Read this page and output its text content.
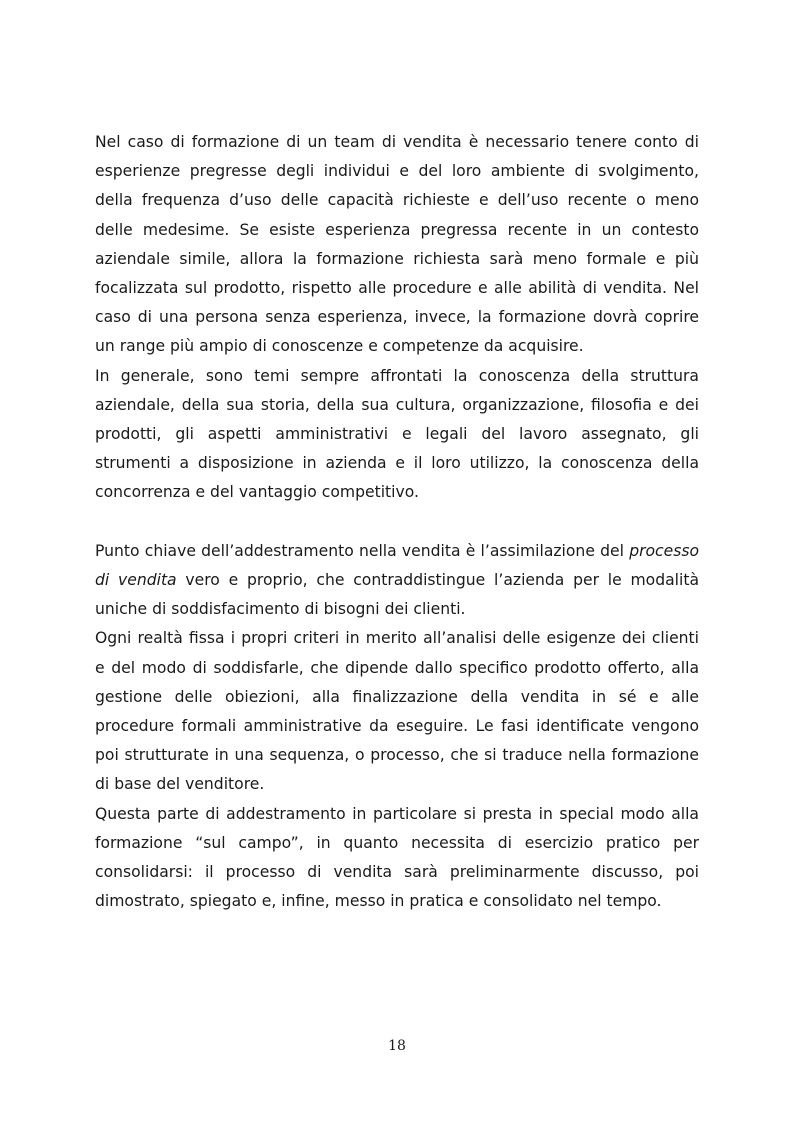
Nel caso di formazione di un team di vendita è necessario tenere conto di esperienze pregresse degli individui e del loro ambiente di svolgimento, della frequenza d’uso delle capacità richieste e dell’uso recente o meno delle medesime. Se esiste esperienza pregressa recente in un contesto aziendale simile, allora la formazione richiesta sarà meno formale e più focalizzata sul prodotto, rispetto alle procedure e alle abilità di vendita. Nel caso di una persona senza esperienza, invece, la formazione dovrà coprire un range più ampio di conoscenze e competenze da acquisire.

In generale, sono temi sempre affrontati la conoscenza della struttura aziendale, della sua storia, della sua cultura, organizzazione, filosofia e dei prodotti, gli aspetti amministrativi e legali del lavoro assegnato, gli strumenti a disposizione in azienda e il loro utilizzo, la conoscenza della concorrenza e del vantaggio competitivo.

Punto chiave dell’addestramento nella vendita è l’assimilazione del processo di vendita vero e proprio, che contraddistingue l’azienda per le modalità uniche di soddisfacimento di bisogni dei clienti.

Ogni realtà fissa i propri criteri in merito all’analisi delle esigenze dei clienti e del modo di soddisfarle, che dipende dallo specifico prodotto offerto, alla gestione delle obiezioni, alla finalizzazione della vendita in sé e alle procedure formali amministrative da eseguire. Le fasi identificate vengono poi strutturate in una sequenza, o processo, che si traduce nella formazione di base del venditore.

Questa parte di addestramento in particolare si presta in special modo alla formazione “sul campo”, in quanto necessita di esercizio pratico per consolidarsi: il processo di vendita sarà preliminarmente discusso, poi dimostrato, spiegato e, infine, messo in pratica e consolidato nel tempo.

18
